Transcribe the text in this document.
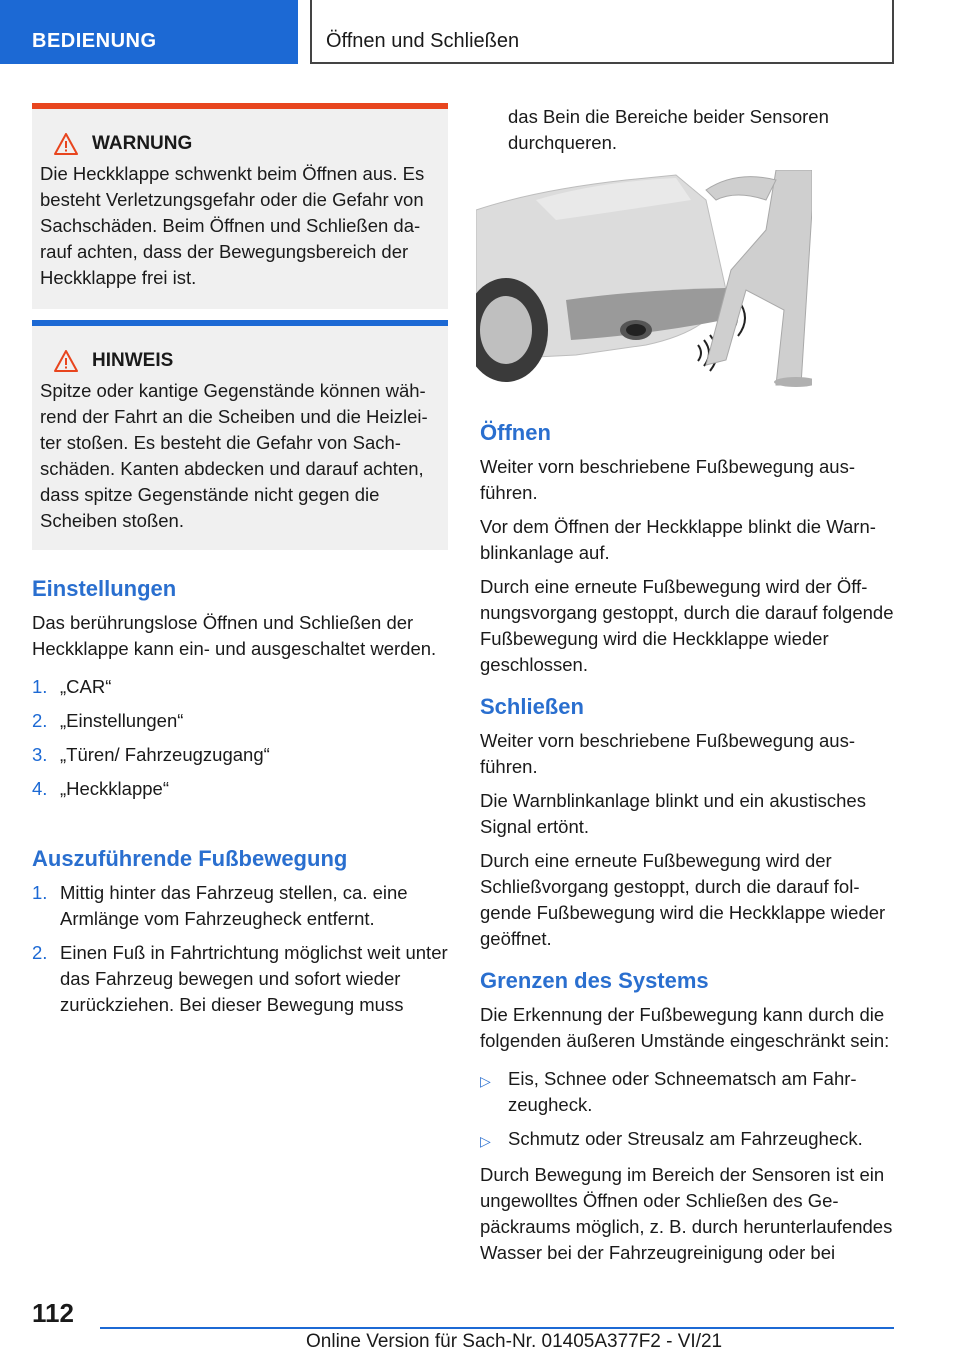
BEDIENUNG	Öffnen und Schließen
WARNUNG
Die Heckklappe schwenkt beim Öffnen aus. Es besteht Verletzungsgefahr oder die Gefahr von Sachschäden. Beim Öffnen und Schließen darauf achten, dass der Bewegungsbereich der Heckklappe frei ist.
HINWEIS
Spitze oder kantige Gegenstände können während der Fahrt an die Scheiben und die Heizleiter stoßen. Es besteht die Gefahr von Sachschäden. Kanten abdecken und darauf achten, dass spitze Gegenstände nicht gegen die Scheiben stoßen.
Einstellungen
Das berührungslose Öffnen und Schließen der Heckklappe kann ein- und ausgeschaltet werden.
1. „CAR“
2. „Einstellungen“
3. „Türen/ Fahrzeugzugang“
4. „Heckklappe“
Auszuführende Fußbewegung
1. Mittig hinter das Fahrzeug stellen, ca. eine Armlänge vom Fahrzeugheck entfernt.
2. Einen Fuß in Fahrtrichtung möglichst weit unter das Fahrzeug bewegen und sofort wieder zurückziehen. Bei dieser Bewegung muss
das Bein die Bereiche beider Sensoren durchqueren.
Öffnen
Weiter vorn beschriebene Fußbewegung ausführen.
Vor dem Öffnen der Heckklappe blinkt die Warnblinkanlage auf.
Durch eine erneute Fußbewegung wird der Öffnungsvorgang gestoppt, durch die darauf folgende Fußbewegung wird die Heckklappe wieder geschlossen.
Schließen
Weiter vorn beschriebene Fußbewegung ausführen.
Die Warnblinkanlage blinkt und ein akustisches Signal ertönt.
Durch eine erneute Fußbewegung wird der Schließvorgang gestoppt, durch die darauf folgende Fußbewegung wird die Heckklappe wieder geöffnet.
Grenzen des Systems
Die Erkennung der Fußbewegung kann durch die folgenden äußeren Umstände eingeschränkt sein:
▷ Eis, Schnee oder Schneematsch am Fahrzeugheck.
▷ Schmutz oder Streusalz am Fahrzeugheck.
Durch Bewegung im Bereich der Sensoren ist ein ungewolltes Öffnen oder Schließen des Gepäckraums möglich, z. B. durch herunterlaufendes Wasser bei der Fahrzeugreinigung oder bei
112
Online Version für Sach-Nr. 01405A377F2 - VI/21
